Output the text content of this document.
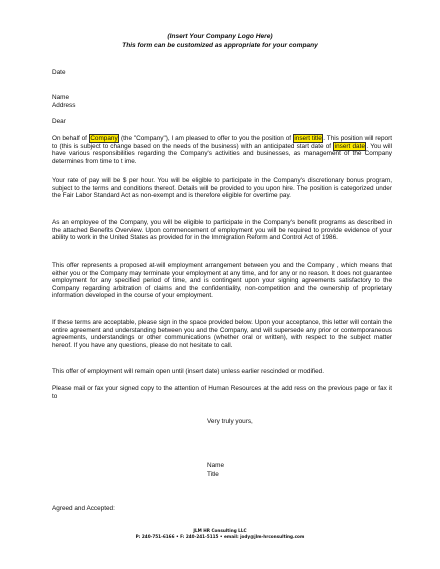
(Insert Your Company Logo Here)
This form can be customized as appropriate for your company
Date
Name
Address
Dear
On behalf of Company (the "Company"), I am pleased to offer to you the position of insert title . This position will report to (this is subject to change based on the needs of the business) with an anticipated start date of insert date . You will have various responsibilities regarding the Company's activities and businesses, as management of the Company determines from time to t ime.
Your rate of pay will be $ per hour. You will be eligible to participate in the Company's discretionary bonus program, subject to the terms and conditions thereof. Details will be provided to you upon hire. The position is categorized under the Fair Labor Standard Act as non-exempt and is therefore eligible for overtime pay.
As an employee of the Company, you will be eligible to participate in the Company's benefit programs as described in the attached Benefits Overview. Upon commencement of employment you will be required to provide evidence of your ability to work in the United States as provided for in the Immigration Reform and Control Act of 1986.
This offer represents a proposed at-will employment arrangement between you and the Company , which means that either you or the Company may terminate your employment at any time, and for any or no reason. It does not guarantee employment for any specified period of time, and is contingent upon your signing agreements satisfactory to the Company regarding arbitration of claims and the confidentiality, non-competition and the ownership of proprietary information developed in the course of your employment.
If these terms are acceptable, please sign in the space provided below. Upon your acceptance, this letter will contain the entire agreement and understanding between you and the Company, and will supersede any prior or contemporaneous agreements, understandings or other communications (whether oral or written), with respect to the subject matter hereof. If you have any questions, please do not hesitate to call.
This offer of employment will remain open until (insert date) unless earlier rescinded or modified.
Please mail or fax your signed copy to the attention of Human Resources at the add ress on the previous page or fax it to
Very truly yours,
Name
Title
Agreed and Accepted:
JLM HR Consulting LLC
P: 240-751-6166 • F: 240-241-5115 • email: jody@jlm-hrconsulting.com
